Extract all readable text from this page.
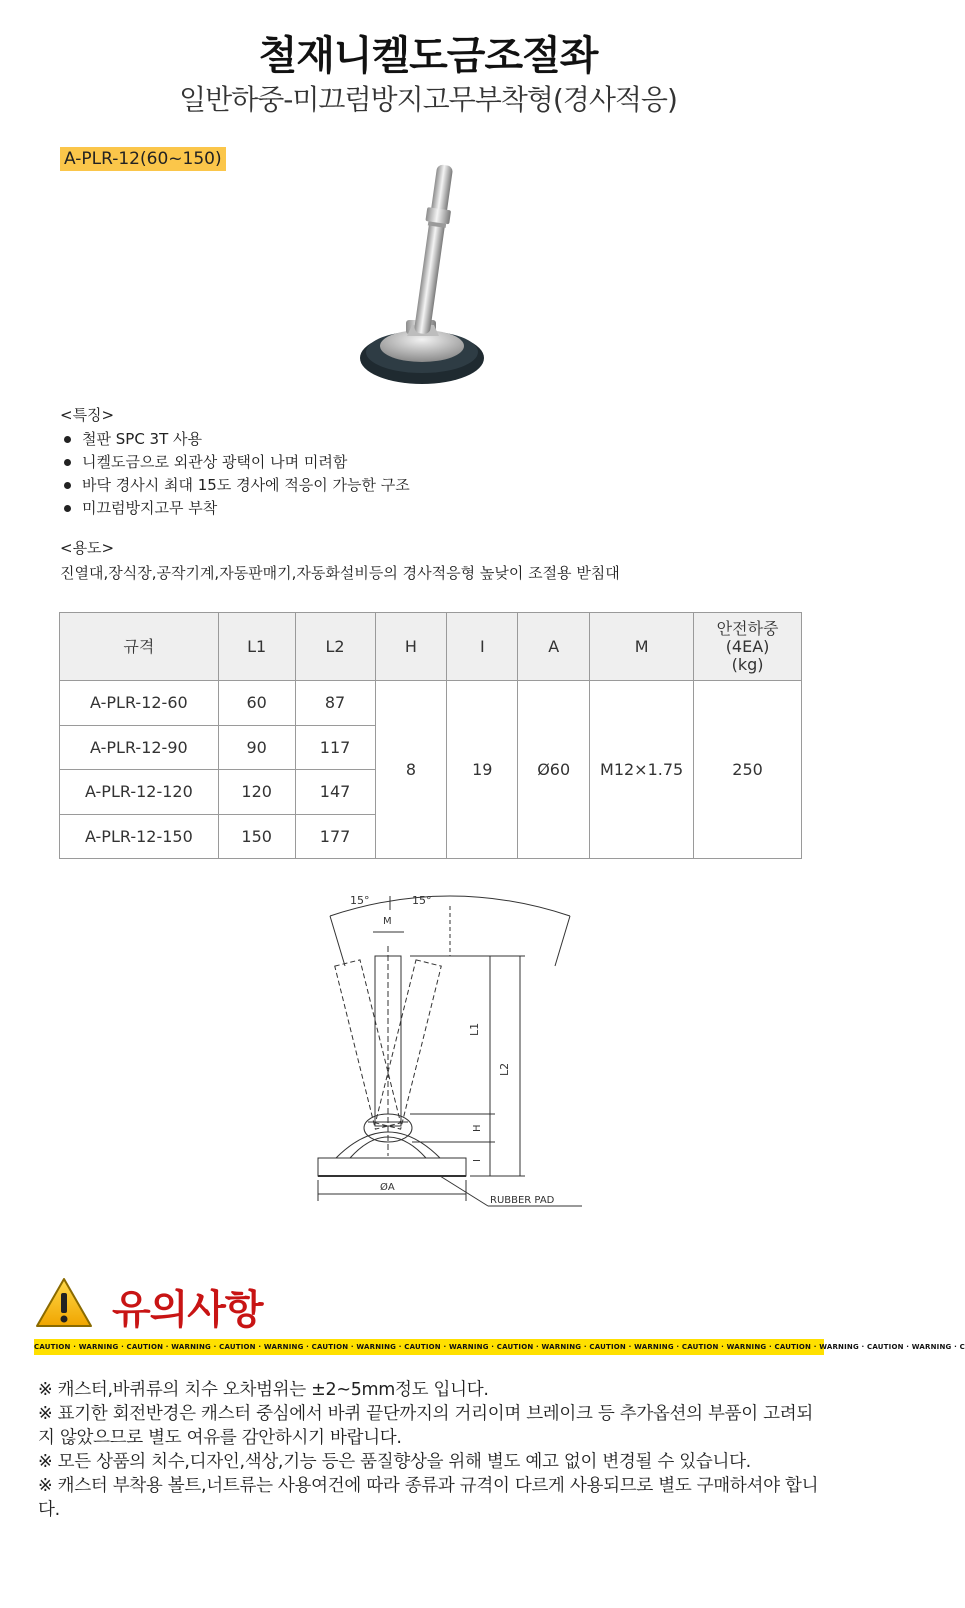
철재니켈도금조절좌
일반하중-미끄럼방지고무부착형(경사적응)
A-PLR-12(60~150)
<특징>
철판 SPC 3T 사용
니켈도금으로 외관상 광택이 나며 미려함
바닥 경사시 최대 15도 경사에 적응이 가능한 구조
미끄럼방지고무 부착
<용도>
진열대,장식장,공작기계,자동판매기,자동화설비등의 경사적응형 높낮이 조절용 받침대
규격	L1	L2	H	I	A	M	안전하중
(4EA)
(kg)

A-PLR-12-60	60	87	8	19	Ø60	M12×1.75	250
A-PLR-12-90	90	117					
A-PLR-12-120	120	147					
A-PLR-12-150	150	177					
15°	15°
M
L1
L2
H
I
ØA
RUBBER PAD
유의사항
CAUTION · WARNING · CAUTION · WARNING · CAUTION · WARNING · CAUTION · WARNING · CAUTION · WARNING · CAUTION · WARNING · CAUTION · WARNING · CAUTION · WARNING · CAUTION · WARNING · CAUTION · WARNING · C
※ 캐스터,바퀴류의 치수 오차범위는 ±2~5mm정도 입니다.
※ 표기한 회전반경은 캐스터 중심에서 바퀴 끝단까지의 거리이며 브레이크 등 추가옵션의 부품이 고려되지 않았으므로 별도 여유를 감안하시기 바랍니다.
※ 모든 상품의 치수,디자인,색상,기능 등은 품질향상을 위해 별도 예고 없이 변경될 수 있습니다.
※ 캐스터 부착용 볼트,너트류는 사용여건에 따라 종류과 규격이 다르게 사용되므로 별도 구매하셔야 합니다.
